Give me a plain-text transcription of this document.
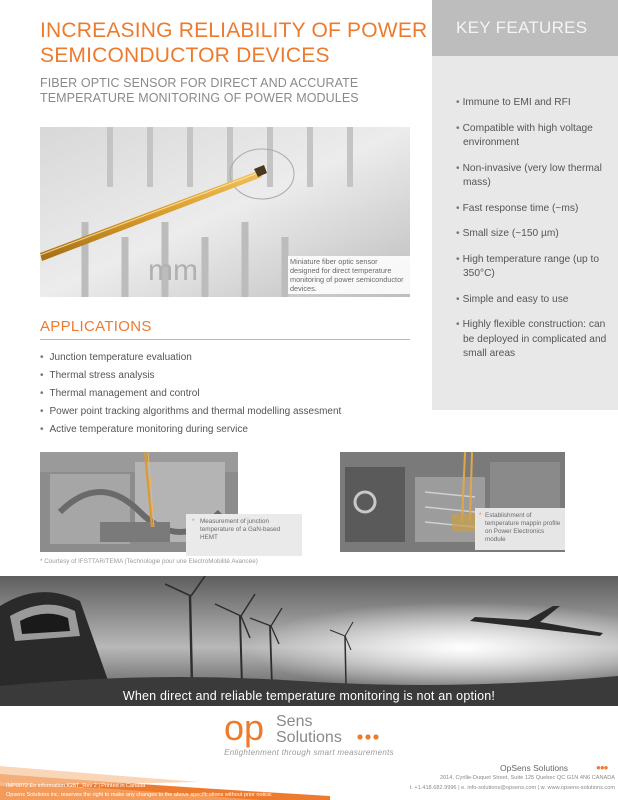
INCREASING RELIABILITY OF POWER SEMICONDUCTOR DEVICES
FIBER OPTIC SENSOR FOR DIRECT AND ACCURATE TEMPERATURE MONITORING OF POWER MODULES
KEY FEATURES
• Immune to EMI and RFI
• Compatible with high voltage environment
• Non-invasive (very low thermal mass)
• Fast response time (~ms)
• Small size (~150 µm)
• High temperature range (up to 350°C)
• Simple and easy to use
• Highly flexible construction: can be deployed in complicated and small areas
mm	Miniature fiber optic sensor designed for direct temperature monitoring of power semiconductor devices.
APPLICATIONS
• Junction temperature evaluation
• Thermal stress analysis
• Thermal management and control
• Power point tracking algorithms and thermal modelling assesment
• Active temperature monitoring during service
* Measurement of junction temperature of a GaN-based HEMT
* Establishment of temperature mappin profile on Power Electronics module
* Courtesy of IFSTTAR/TEMA (Technologie pour une ElectroMobilité Avancée)
When direct and reliable temperature monitoring is not an option!
op Sens
Solutions
Enlightenment through smart measurements
OpSens Solutions	●●●
2014, Cyrille-Duquet Street, Suite 125 Quebec QC G1N 4N6 CANADA
t. +1.418.682.9996 | e. info-solutions@opsens.com | w. www.opsens-solutions.com
IMP0072 En information IGBT_Rev 2 | Printed in Canada
Opsens Solutions inc. reserves the right to make any changes to the above specifications without prior notice.
